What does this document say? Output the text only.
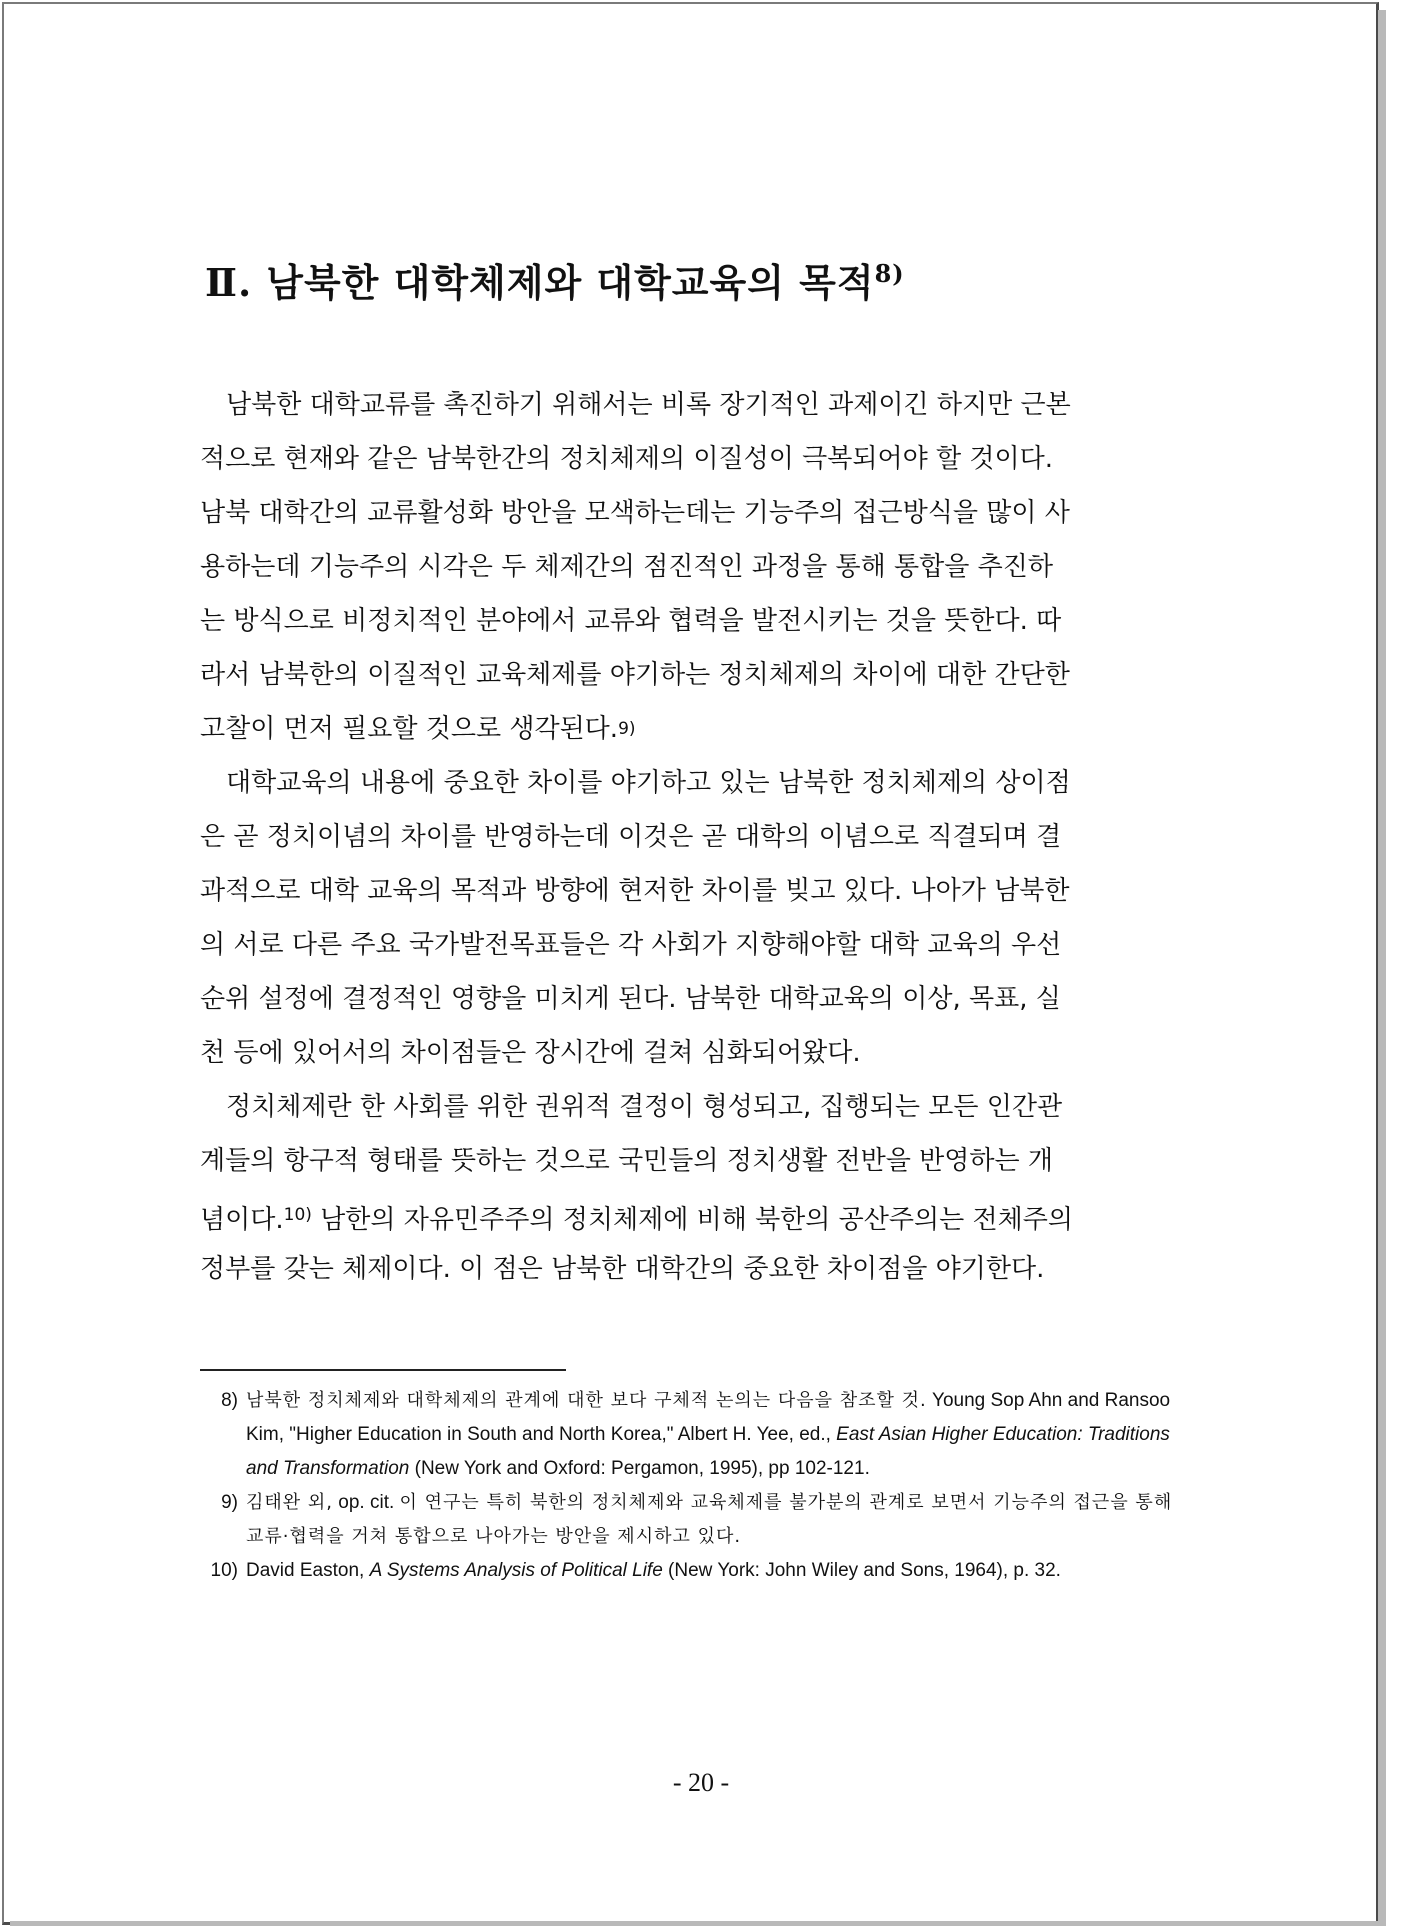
Ⅱ. 남북한 대학체제와 대학교육의 목적$^{8)}$
남북한 대학교류를 촉진하기 위해서는 비록 장기적인 과제이긴 하지만 근본
적으로 현재와 같은 남북한간의 정치체제의 이질성이 극복되어야 할 것이다.
남북 대학간의 교류활성화 방안을 모색하는데는 기능주의 접근방식을 많이 사
용하는데 기능주의 시각은 두 체제간의 점진적인 과정을 통해 통합을 추진하
는 방식으로 비정치적인 분야에서 교류와 협력을 발전시키는 것을 뜻한다. 따
라서 남북한의 이질적인 교육체제를 야기하는 정치체제의 차이에 대한 간단한
고찰이 먼저 필요할 것으로 생각된다. 9)
대학교육의 내용에 중요한 차이를 야기하고 있는 남북한 정치체제의 상이점
은 곧 정치이념의 차이를 반영하는데 이것은 곧 대학의 이념으로 직결되며 결
과적으로 대학 교육의 목적과 방향에 현저한 차이를 빚고 있다. 나아가 남북한
의 서로 다른 주요 국가발전목표들은 각 사회가 지향해야할 대학 교육의 우선
순위 설정에 결정적인 영향을 미치게 된다. 남북한 대학교육의 이상, 목표, 실
천 등에 있어서의 차이점들은 장시간에 걸쳐 심화되어왔다.
정치체제란 한 사회를 위한 권위적 결정이 형성되고, 집행되는 모든 인간관
계들의 항구적 형태를 뜻하는 것으로 국민들의 정치생활 전반을 반영하는 개
념이다.$^{10)}$ 남한의 자유민주주의 정치체제에 비해 북한의 공산주의는 전체주의
정부를 갖는 체제이다. 이 점은 남북한 대학간의 중요한 차이점을 야기한다.
8) 남북한 정치체제와 대학체제의 관계에 대한 보다 구체적 논의는 다음을 참조할 것. Young Sop Ahn and Ransoo Kim, "Higher Education in South and North Korea," Albert H. Yee, ed., East Asian Higher Education: Traditions and Transformation (New York and Oxford: Pergamon, 1995), pp 102-121.
9) 김태완 외, op. cit. 이 연구는 특히 북한의 정치체제와 교육체제를 불가분의 관계로 보면서 기능주의 접근을 통해 교류·협력을 거쳐 통합으로 나아가는 방안을 제시하고 있다.
10) David Easton, A Systems Analysis of Political Life (New York: John Wiley and Sons, 1964), p. 32.
- 20 -
